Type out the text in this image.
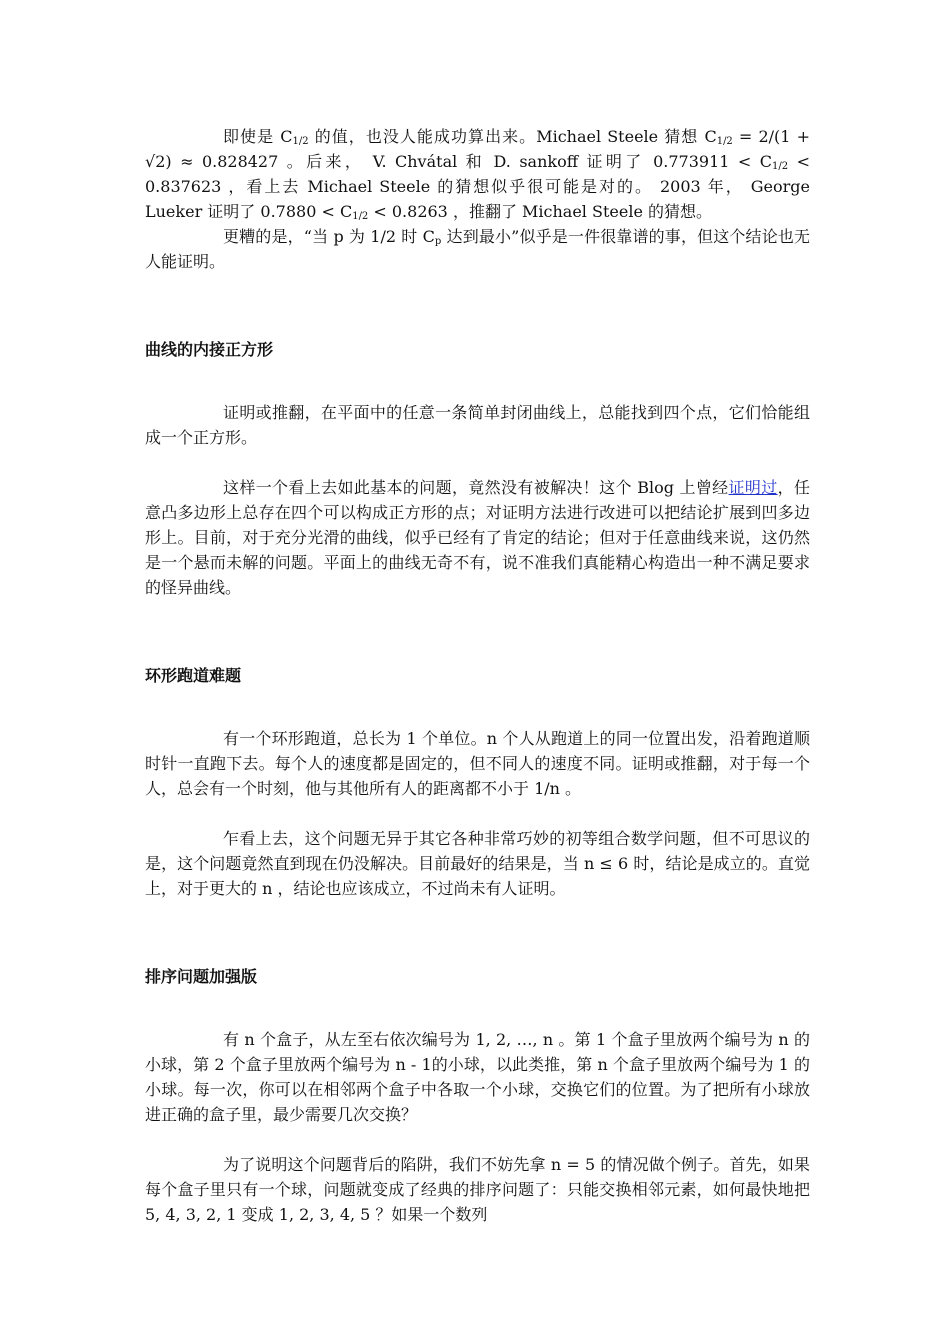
即使是 $C_{1/2}$ 的值，也没人能成功算出来。Michael Steele 猜想 $C_{1/2} = 2/(1 + √2) \approx 0.828427$ 。后来， V. Chvátal 和 D. sankoff 证明了 $0.773911 < C_{1/2} < 0.837623$ ，看上去 Michael Steele 的猜想似乎很可能是对的。 2003 年， George Lueker 证明了 $0.7880 < C_{1/2} < 0.8263$ ，推翻了 Michael Steele 的猜想。

更糟的是，“当 p 为 1/2 时 $C_p$ 达到最小”似乎是一件很靠谱的事，但这个结论也无人能证明。

曲线的内接正方形

证明或推翻，在平面中的任意一条简单封闭曲线上，总能找到四个点，它们恰能组成一个正方形。

这样一个看上去如此基本的问题，竟然没有被解决！这个 Blog 上曾经证明过，任意凸多边形上总存在四个可以构成正方形的点；对证明方法进行改进可以把结论扩展到凹多边形上。目前，对于充分光滑的曲线，似乎已经有了肯定的结论；但对于任意曲线来说，这仍然是一个悬而未解的问题。平面上的曲线无奇不有，说不准我们真能精心构造出一种不满足要求的怪异曲线。

环形跑道难题

有一个环形跑道，总长为 1 个单位。n 个人从跑道上的同一位置出发，沿着跑道顺时针一直跑下去。每个人的速度都是固定的，但不同人的速度不同。证明或推翻，对于每一个人，总会有一个时刻，他与其他所有人的距离都不小于 1/n 。

乍看上去，这个问题无异于其它各种非常巧妙的初等组合数学问题，但不可思议的是，这个问题竟然直到现在仍没解决。目前最好的结果是，当 n ≤ 6 时，结论是成立的。直觉上，对于更大的 n ，结论也应该成立，不过尚未有人证明。

排序问题加强版

有 n 个盒子，从左至右依次编号为 1, 2, …, n 。第 1 个盒子里放两个编号为 n 的小球，第 2 个盒子里放两个编号为 n - 1的小球，以此类推，第 n 个盒子里放两个编号为 1 的小球。每一次，你可以在相邻两个盒子中各取一个小球，交换它们的位置。为了把所有小球放进正确的盒子里，最少需要几次交换？

为了说明这个问题背后的陷阱，我们不妨先拿 n = 5 的情况做个例子。首先，如果每个盒子里只有一个球，问题就变成了经典的排序问题了：只能交换相邻元素，如何最快地把 5, 4, 3, 2, 1 变成 1, 2, 3, 4, 5 ？如果一个数列
